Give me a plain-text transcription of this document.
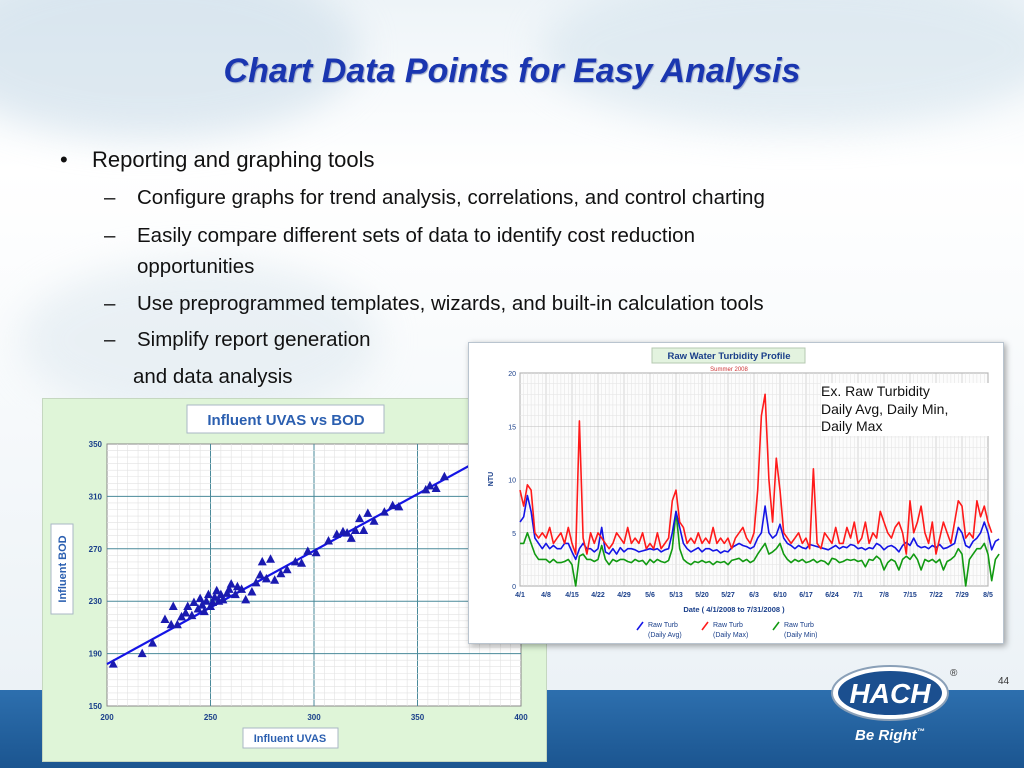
Chart Data Points for Easy Analysis
• Reporting and graphing tools
– Configure graphs for trend analysis, correlations, and control charting
– Easily compare different sets of data to identify cost reduction
opportunities
– Use preprogrammed templates, wizards, and built-in calculation tools
– Simplify report generation
and data analysis
44
HACH
®
Be Right™
Influent UVAS vs BOD
200	250	300	350	400
150
190
230
270
310
350
Influent UVAS
Influent BOD
Raw Water Turbidity Profile
Summer 2008
0
5
10
15
20
4/1 4/8 4/15 4/22 4/29 5/6 5/13 5/20 5/27 6/3 6/10 6/17 6/24 7/1 7/8 7/15 7/22 7/29 8/5
NTU
Date ( 4/1/2008 to 7/31/2008 )
Raw Turb
(Daily Avg)
Raw Turb
(Daily Max)
Raw Turb
(Daily Min)
Ex. Raw Turbidity
Daily Avg, Daily Min,
Daily Max
